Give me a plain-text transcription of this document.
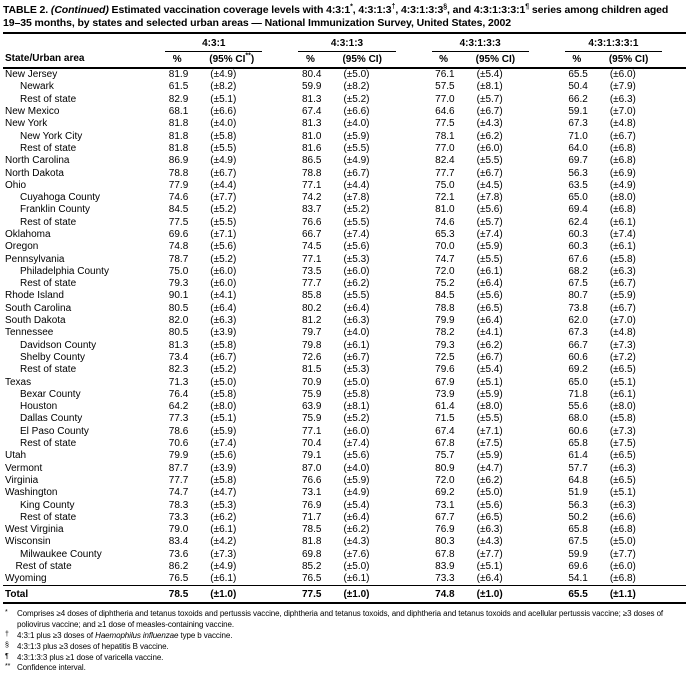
TABLE 2. (Continued) Estimated vaccination coverage levels with 4:3:1*, 4:3:1:3†, 4:3:1:3:3§, and 4:3:1:3:3:1¶ series among children aged 19–35 months, by states and selected urban areas — National Immunization Survey, United States, 2002

State/Urban area	4:3:1		4:3:1:3		4:3:1:3:3		4:3:1:3:3:1	

	%	(95% CI**)	%	(95% CI)	%	(95% CI)	%	(95% CI)
New Jersey	81.9	(±4.9)	80.4	(±5.0)	76.1	(±5.4)	65.5	(±6.0)
Newark	61.5	(±8.2)	59.9	(±8.2)	57.5	(±8.1)	50.4	(±7.9)
Rest of state	82.9	(±5.1)	81.3	(±5.2)	77.0	(±5.7)	66.2	(±6.3)
New Mexico	68.1	(±6.6)	67.4	(±6.6)	64.6	(±6.7)	59.1	(±7.0)
New York	81.8	(±4.0)	81.3	(±4.0)	77.5	(±4.3)	67.3	(±4.8)
New York City	81.8	(±5.8)	81.0	(±5.9)	78.1	(±6.2)	71.0	(±6.7)
Rest of state	81.8	(±5.5)	81.6	(±5.5)	77.0	(±6.0)	64.0	(±6.8)
North Carolina	86.9	(±4.9)	86.5	(±4.9)	82.4	(±5.5)	69.7	(±6.8)
North Dakota	78.8	(±6.7)	78.8	(±6.7)	77.7	(±6.7)	56.3	(±6.9)
Ohio	77.9	(±4.4)	77.1	(±4.4)	75.0	(±4.5)	63.5	(±4.9)
Cuyahoga County	74.6	(±7.7)	74.2	(±7.8)	72.1	(±7.8)	65.0	(±8.0)
Franklin County	84.5	(±5.2)	83.7	(±5.2)	81.0	(±5.6)	69.4	(±6.8)
Rest of state	77.5	(±5.5)	76.6	(±5.5)	74.6	(±5.7)	62.4	(±6.1)
Oklahoma	69.6	(±7.1)	66.7	(±7.4)	65.3	(±7.4)	60.3	(±7.4)
Oregon	74.8	(±5.6)	74.5	(±5.6)	70.0	(±5.9)	60.3	(±6.1)
Pennsylvania	78.7	(±5.2)	77.1	(±5.3)	74.7	(±5.5)	67.6	(±5.8)
Philadelphia County	75.0	(±6.0)	73.5	(±6.0)	72.0	(±6.1)	68.2	(±6.3)
Rest of state	79.3	(±6.0)	77.7	(±6.2)	75.2	(±6.4)	67.5	(±6.7)
Rhode Island	90.1	(±4.1)	85.8	(±5.5)	84.5	(±5.6)	80.7	(±5.9)
South Carolina	80.5	(±6.4)	80.2	(±6.4)	78.8	(±6.5)	73.8	(±6.7)
South Dakota	82.0	(±6.3)	81.2	(±6.3)	79.9	(±6.4)	62.0	(±7.0)
Tennessee	80.5	(±3.9)	79.7	(±4.0)	78.2	(±4.1)	67.3	(±4.8)
Davidson County	81.3	(±5.8)	79.8	(±6.1)	79.3	(±6.2)	66.7	(±7.3)
Shelby County	73.4	(±6.7)	72.6	(±6.7)	72.5	(±6.7)	60.6	(±7.2)
Rest of state	82.3	(±5.2)	81.5	(±5.3)	79.6	(±5.4)	69.2	(±6.5)
Texas	71.3	(±5.0)	70.9	(±5.0)	67.9	(±5.1)	65.0	(±5.1)
Bexar County	76.4	(±5.8)	75.9	(±5.8)	73.9	(±5.9)	71.8	(±6.1)
Houston	64.2	(±8.0)	63.9	(±8.1)	61.4	(±8.0)	55.6	(±8.0)
Dallas County	77.3	(±5.1)	75.9	(±5.2)	71.5	(±5.5)	68.0	(±5.8)
El Paso County	78.6	(±5.9)	77.1	(±6.0)	67.4	(±7.1)	60.6	(±7.3)
Rest of state	70.6	(±7.4)	70.4	(±7.4)	67.8	(±7.5)	65.8	(±7.5)
Utah	79.9	(±5.6)	79.1	(±5.6)	75.7	(±5.9)	61.4	(±6.5)
Vermont	87.7	(±3.9)	87.0	(±4.0)	80.9	(±4.7)	57.7	(±6.3)
Virginia	77.7	(±5.8)	76.6	(±5.9)	72.0	(±6.2)	64.8	(±6.5)
Washington	74.7	(±4.7)	73.1	(±4.9)	69.2	(±5.0)	51.9	(±5.1)
King County	78.3	(±5.3)	76.9	(±5.4)	73.1	(±5.6)	56.3	(±6.3)
Rest of state	73.3	(±6.2)	71.7	(±6.4)	67.7	(±6.5)	50.2	(±6.6)
West Virginia	79.0	(±6.1)	78.5	(±6.2)	76.9	(±6.3)	65.8	(±6.8)
Wisconsin	83.4	(±4.2)	81.8	(±4.3)	80.3	(±4.3)	67.5	(±5.0)
Milwaukee County	73.6	(±7.3)	69.8	(±7.6)	67.8	(±7.7)	59.9	(±7.7)
Rest of state	86.2	(±4.9)	85.2	(±5.0)	83.9	(±5.1)	69.6	(±6.0)
Wyoming	76.5	(±6.1)	76.5	(±6.1)	73.3	(±6.4)	54.1	(±6.8)
Total	78.5	(±1.0)	77.5	(±1.0)	74.8	(±1.0)	65.5	(±1.1)
* Comprises ≥4 doses of diphtheria and tetanus toxoids and pertussis vaccine, diphtheria and tetanus toxoids, and diphtheria and tetanus toxoids and acellular pertussis vaccine; ≥3 doses of poliovirus vaccine; and ≥1 dose of measles-containing vaccine.
† 4:3:1 plus ≥3 doses of Haemophilus influenzae type b vaccine.
§ 4:3:1:3 plus ≥3 doses of hepatitis B vaccine.
¶ 4:3:1:3:3 plus ≥1 dose of varicella vaccine.
** Confidence interval.
